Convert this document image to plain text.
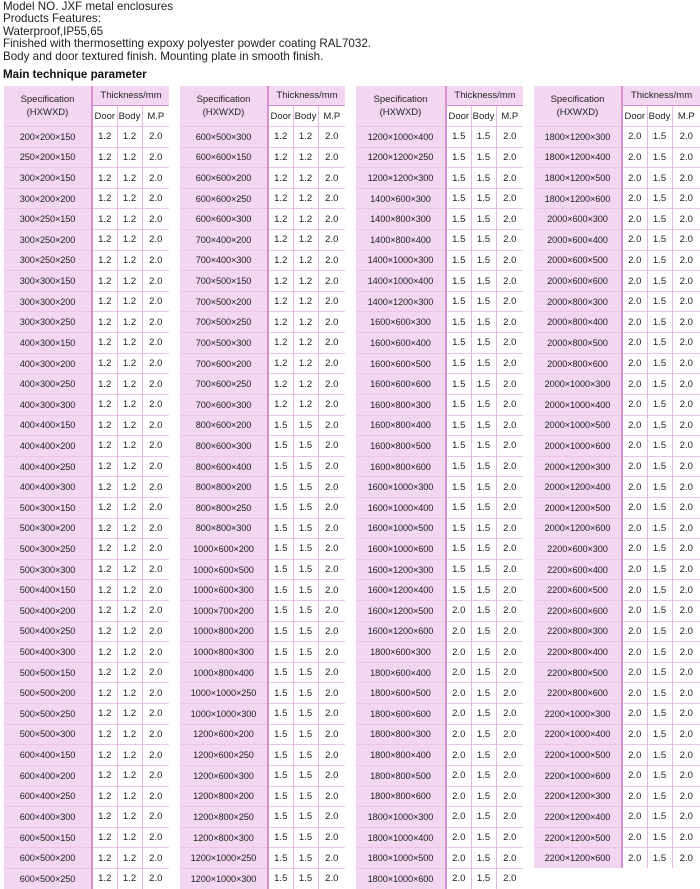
Model NO. JXF metal enclosures
Products Features:
Waterproof,IP55,65
Finished with thermosetting expoxy polyester powder coating RAL7032.
Body and door textured finish. Mounting plate in smooth finish.
Main technique parameter
Specification
(HXWXD)	Thickness/mm		
	Door	Body	M.P
200×200×150	1.2	1.2	2.0
250×200×150	1.2	1.2	2.0
300×200×150	1.2	1.2	2.0
300×200×200	1.2	1.2	2.0
300×250×150	1.2	1.2	2.0
300×250×200	1.2	1.2	2.0
300×250×250	1.2	1.2	2.0
300×300×150	1.2	1.2	2.0
300×300×200	1.2	1.2	2.0
300×300×250	1.2	1.2	2.0
400×300×150	1.2	1.2	2.0
400×300×200	1.2	1.2	2.0
400×300×250	1.2	1.2	2.0
400×300×300	1.2	1.2	2.0
400×400×150	1.2	1.2	2.0
400×400×200	1.2	1.2	2.0
400×400×250	1.2	1.2	2.0
400×400×300	1.2	1.2	2.0
500×300×150	1.2	1.2	2.0
500×300×200	1.2	1.2	2.0
500×300×250	1.2	1.2	2.0
500×300×300	1.2	1.2	2.0
500×400×150	1.2	1.2	2.0
500×400×200	1.2	1.2	2.0
500×400×250	1.2	1.2	2.0
500×400×300	1.2	1.2	2.0
500×500×150	1.2	1.2	2.0
500×500×200	1.2	1.2	2.0
500×500×250	1.2	1.2	2.0
500×500×300	1.2	1.2	2.0
600×400×150	1.2	1.2	2.0
600×400×200	1.2	1.2	2.0
600×400×250	1.2	1.2	2.0
600×400×300	1.2	1.2	2.0
600×500×150	1.2	1.2	2.0
600×500×200	1.2	1.2	2.0
600×500×250	1.2	1.2	2.0
Specification
(HXWXD)	Thickness/mm		
	Door	Body	M.P
600×500×300	1.2	1.2	2.0
600×600×150	1.2	1.2	2.0
600×600×200	1.2	1.2	2.0
600×600×250	1.2	1.2	2.0
600×600×300	1.2	1.2	2.0
700×400×200	1.2	1.2	2.0
700×400×300	1.2	1.2	2.0
700×500×150	1.2	1.2	2.0
700×500×200	1.2	1.2	2.0
700×500×250	1.2	1.2	2.0
700×500×300	1.2	1.2	2.0
700×600×200	1.2	1.2	2.0
700×600×250	1.2	1.2	2.0
700×600×300	1.2	1.2	2.0
800×600×200	1.5	1.5	2.0
800×600×300	1.5	1.5	2.0
800×600×400	1.5	1.5	2.0
800×800×200	1.5	1.5	2.0
800×800×250	1.5	1.5	2.0
800×800×300	1.5	1.5	2.0
1000×600×200	1.5	1.5	2.0
1000×600×500	1.5	1.5	2.0
1000×600×300	1.5	1.5	2.0
1000×700×200	1.5	1.5	2.0
1000×800×200	1.5	1.5	2.0
1000×800×300	1.5	1.5	2.0
1000×800×400	1.5	1.5	2.0
1000×1000×250	1.5	1.5	2.0
1000×1000×300	1.5	1.5	2.0
1200×600×200	1.5	1.5	2.0
1200×600×250	1.5	1.5	2.0
1200×600×300	1.5	1.5	2.0
1200×800×200	1.5	1.5	2.0
1200×800×250	1.5	1.5	2.0
1200×800×300	1.5	1.5	2.0
1200×1000×250	1.5	1.5	2.0
1200×1000×300	1.5	1.5	2.0
Specification
(HXWXD)	Thickness/mm		
	Door	Body	M.P
1200×1000×400	1.5	1.5	2.0
1200×1200×250	1.5	1.5	2.0
1200×1200×300	1.5	1.5	2.0
1400×600×300	1.5	1.5	2.0
1400×800×300	1.5	1.5	2.0
1400×800×400	1.5	1.5	2.0
1400×1000×300	1.5	1.5	2.0
1400×1000×400	1.5	1.5	2.0
1400×1200×300	1.5	1.5	2.0
1600×600×300	1.5	1.5	2.0
1600×600×400	1.5	1.5	2.0
1600×600×500	1.5	1.5	2.0
1600×600×600	1.5	1.5	2.0
1600×800×300	1.5	1.5	2.0
1600×800×400	1.5	1.5	2.0
1600×800×500	1.5	1.5	2.0
1600×800×600	1.5	1.5	2.0
1600×1000×300	1.5	1.5	2.0
1600×1000×400	1.5	1.5	2.0
1600×1000×500	1.5	1.5	2.0
1600×1000×600	1.5	1.5	2.0
1600×1200×300	1.5	1.5	2.0
1600×1200×400	1.5	1.5	2.0
1600×1200×500	2.0	1.5	2.0
1600×1200×600	2.0	1.5	2.0
1800×600×300	2.0	1.5	2.0
1800×600×400	2.0	1.5	2.0
1800×600×500	2.0	1.5	2.0
1800×600×600	2.0	1.5	2.0
1800×800×300	2.0	1.5	2.0
1800×800×400	2.0	1.5	2.0
1800×800×500	2.0	1.5	2.0
1800×800×600	2.0	1.5	2.0
1800×1000×300	2.0	1.5	2.0
1800×1000×400	2.0	1.5	2.0
1800×1000×500	2.0	1.5	2.0
1800×1000×600	2.0	1.5	2.0
Specification
(HXWXD)	Thickness/mm		
	Door	Body	M.P
1800×1200×300	2.0	1.5	2.0
1800×1200×400	2.0	1.5	2.0
1800×1200×500	2.0	1.5	2.0
1800×1200×600	2.0	1.5	2.0
2000×600×300	2.0	1.5	2.0
2000×600×400	2.0	1.5	2.0
2000×600×500	2.0	1.5	2.0
2000×600×600	2.0	1.5	2.0
2000×800×300	2.0	1.5	2.0
2000×800×400	2.0	1.5	2.0
2000×800×500	2.0	1.5	2.0
2000×800×600	2.0	1.5	2.0
2000×1000×300	2.0	1.5	2.0
2000×1000×400	2.0	1.5	2.0
2000×1000×500	2.0	1.5	2.0
2000×1000×600	2.0	1.5	2.0
2000×1200×300	2.0	1.5	2.0
2000×1200×400	2.0	1.5	2.0
2000×1200×500	2.0	1.5	2.0
2000×1200×600	2.0	1.5	2.0
2200×600×300	2.0	1.5	2.0
2200×600×400	2.0	1.5	2.0
2200×600×500	2.0	1.5	2.0
2200×600×600	2.0	1.5	2.0
2200×800×300	2.0	1.5	2.0
2200×800×400	2.0	1.5	2.0
2200×800×500	2.0	1.5	2.0
2200×800×600	2.0	1.5	2.0
2200×1000×300	2.0	1.5	2.0
2200×1000×400	2.0	1.5	2.0
2200×1000×500	2.0	1.5	2.0
2200×1000×600	2.0	1.5	2.0
2200×1200×300	2.0	1.5	2.0
2200×1200×400	2.0	1.5	2.0
2200×1200×500	2.0	1.5	2.0
2200×1200×600	2.0	1.5	2.0
